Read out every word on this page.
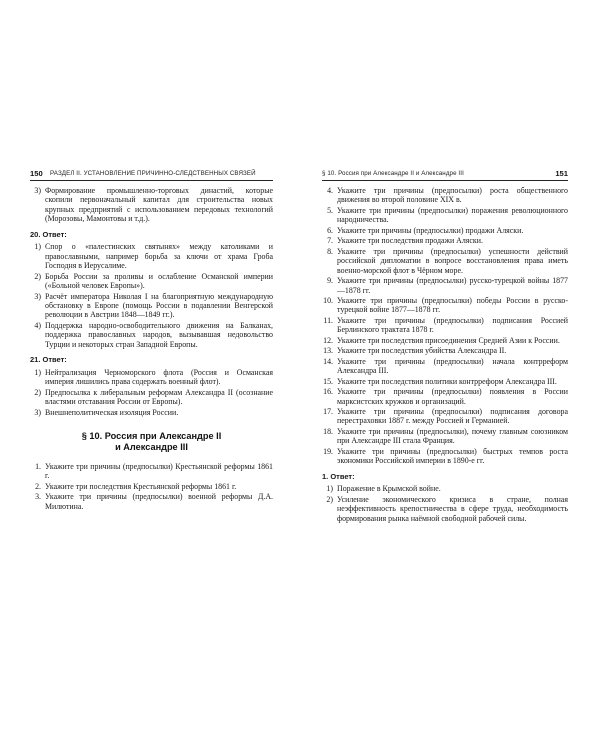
150 РАЗДЕЛ II. УСТАНОВЛЕНИЕ ПРИЧИННО-СЛЕДСТВЕННЫХ СВЯЗЕЙ
3) Формирование промышленно-торговых династий, которые скопили первоначальный капитал для строительства новых крупных предприятий с использованием передовых технологий (Морозовы, Мамонтовы и т.д.).
20. Ответ:
1) Спор о «палестинских святынях» между католиками и православными, например борьба за ключи от храма Гроба Господня в Иерусалиме.
2) Борьба России за проливы и ослабление Османской империи («Больной человек Европы»).
3) Расчёт императора Николая I на благоприятную международную обстановку в Европе (помощь России в подавлении Венгерской революции в Австрии 1848—1849 гг.).
4) Поддержка народно-освободительного движения на Балканах, поддержка православных народов, вызывавшая недовольство Турции и некоторых стран Западной Европы.
21. Ответ:
1) Нейтрализация Черноморского флота (Россия и Османская империя лишились права содержать военный флот).
2) Предпосылка к либеральным реформам Александра II (осознание властями отставания России от Европы).
3) Внешнеполитическая изоляция России.
§ 10. Россия при Александре II
и Александре III
1. Укажите три причины (предпосылки) Крестьянской реформы 1861 г.
2. Укажите три последствия Крестьянской реформы 1861 г.
3. Укажите три причины (предпосылки) военной реформы Д.А. Милютина.
§ 10. Россия при Александре II и Александре III	151
4. Укажите три причины (предпосылки) роста общественного движения во второй половине XIX в.
5. Укажите три причины (предпосылки) поражения революционного народничества.
6. Укажите три причины (предпосылки) продажи Аляски.
7. Укажите три последствия продажи Аляски.
8. Укажите три причины (предпосылки) успешности действий российской дипломатии в вопросе восстановления права иметь военно-морской флот в Чёрном море.
9. Укажите три причины (предпосылки) русско-турецкой войны 1877—1878 гг.
10. Укажите три причины (предпосылки) победы России в русско-турецкой войне 1877—1878 гг.
11. Укажите три причины (предпосылки) подписания Россией Берлинского трактата 1878 г.
12. Укажите три последствия присоединения Средней Азии к России.
13. Укажите три последствия убийства Александра II.
14. Укажите три причины (предпосылки) начала контрреформ Александра III.
15. Укажите три последствия политики контрреформ Александра III.
16. Укажите три причины (предпосылки) появления в России марксистских кружков и организаций.
17. Укажите три причины (предпосылки) подписания договора перестраховки 1887 г. между Россией и Германией.
18. Укажите три причины (предпосылки), почему главным союзником при Александре III стала Франция.
19. Укажите три причины (предпосылки) быстрых темпов роста экономики Российской империи в 1890-е гг.
1. Ответ:
1) Поражение в Крымской войне.
2) Усиление экономического кризиса в стране, полная неэффективность крепостничества в сфере труда, необходимость формирования рынка наёмной свободной рабочей силы.
